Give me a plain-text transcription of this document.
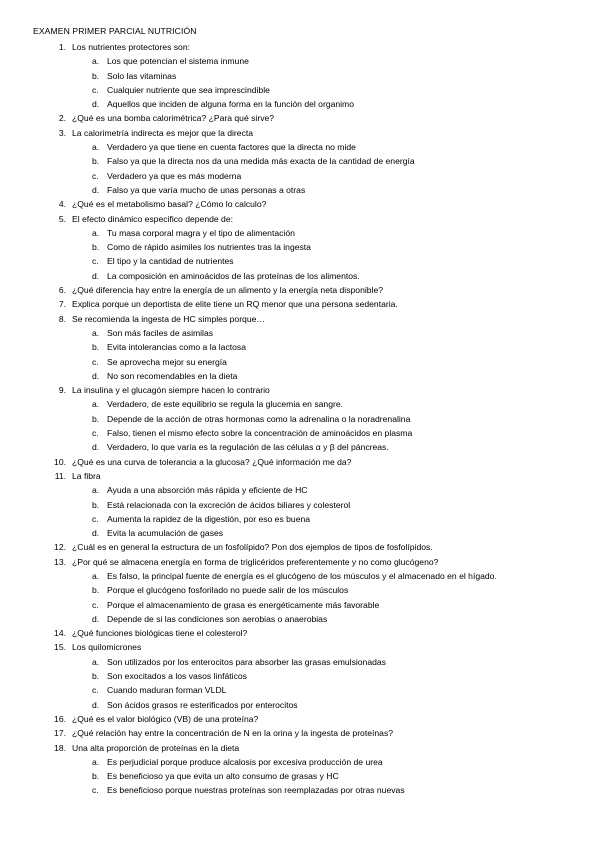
EXAMEN PRIMER PARCIAL NUTRICIÓN
1. Los nutrientes protectores son:
a. Los que potencian el sistema inmune
b. Solo las vitaminas
c. Cualquier nutriente que sea imprescindible
d. Aquellos que inciden de alguna forma en la función del organimo
2. ¿Qué es una bomba calorimétrica? ¿Para qué sirve?
3. La calorimetría indirecta es mejor que la directa
a. Verdadero ya que tiene en cuenta factores que la directa no mide
b. Falso ya que la directa nos da una medida más exacta de la cantidad de energía
c. Verdadero ya que es más moderna
d. Falso ya que varía mucho de unas personas a otras
4. ¿Qué es el metabolismo basal? ¿Cómo lo calculo?
5. El efecto dinámico especifico depende de:
a. Tu masa corporal magra y el tipo de alimentación
b. Como de rápido asimiles los nutrientes tras la ingesta
c. El tipo y la cantidad de nutrientes
d. La composición en aminoácidos de las proteínas de los alimentos.
6. ¿Qué diferencia hay entre la energía de un alimento y la energía neta disponible?
7. Explica porque un deportista de elite tiene un RQ menor que una persona sedentaria.
8. Se recomienda la ingesta de HC simples porque…
a. Son más faciles de asimilas
b. Evita intolerancias como a la lactosa
c. Se aprovecha mejor su energía
d. No son recomendables en la dieta
9. La insulina y el glucagón siempre hacen lo contrario
a. Verdadero, de este equilibrio se regula la glucemia en sangre.
b. Depende de la acción de otras hormonas como la adrenalina o la noradrenalina
c. Falso, tienen el mismo efecto sobre la concentración de aminoácidos en plasma
d. Verdadero, lo que varía es la regulación de las células α y β del páncreas.
10. ¿Qué es una curva de tolerancia a la glucosa? ¿Qué información me da?
11. La fibra
a. Ayuda a una absorción más rápida y eficiente de HC
b. Está relacionada con la excreción de ácidos biliares y colesterol
c. Aumenta la rapidez de la digestión, por eso es buena
d. Evita la acumulación de gases
12. ¿Cuál es en general la estructura de un fosfolípido? Pon dos ejemplos de tipos de fosfolípidos.
13. ¿Por qué se almacena energía en forma de triglicéridos preferentemente y no como glucógeno?
a. Es falso, la principal fuente de energía es el glucógeno de los músculos y el almacenado en el hígado.
b. Porque el glucógeno fosforilado no puede salir de los músculos
c. Porque el almacenamiento de grasa es energéticamente más favorable
d. Depende de si las condiciones son aerobias o anaerobias
14. ¿Qué funciones biológicas tiene el colesterol?
15. Los quilomicrones
a. Son utilizados por los enterocitos para absorber las grasas emulsionadas
b. Son exocitados a los vasos linfáticos
c. Cuando maduran forman VLDL
d. Son ácidos grasos re esterificados por enterocitos
16. ¿Qué es el valor biológico (VB) de una proteína?
17. ¿Qué relación hay entre la concentración de N en la orina y la ingesta de proteínas?
18. Una alta proporción de proteínas en la dieta
a. Es perjudicial porque produce alcalosis por excesiva producción de urea
b. Es beneficioso ya que evita un alto consumo de grasas y HC
c. Es beneficioso porque nuestras proteínas son reemplazadas por otras nuevas
